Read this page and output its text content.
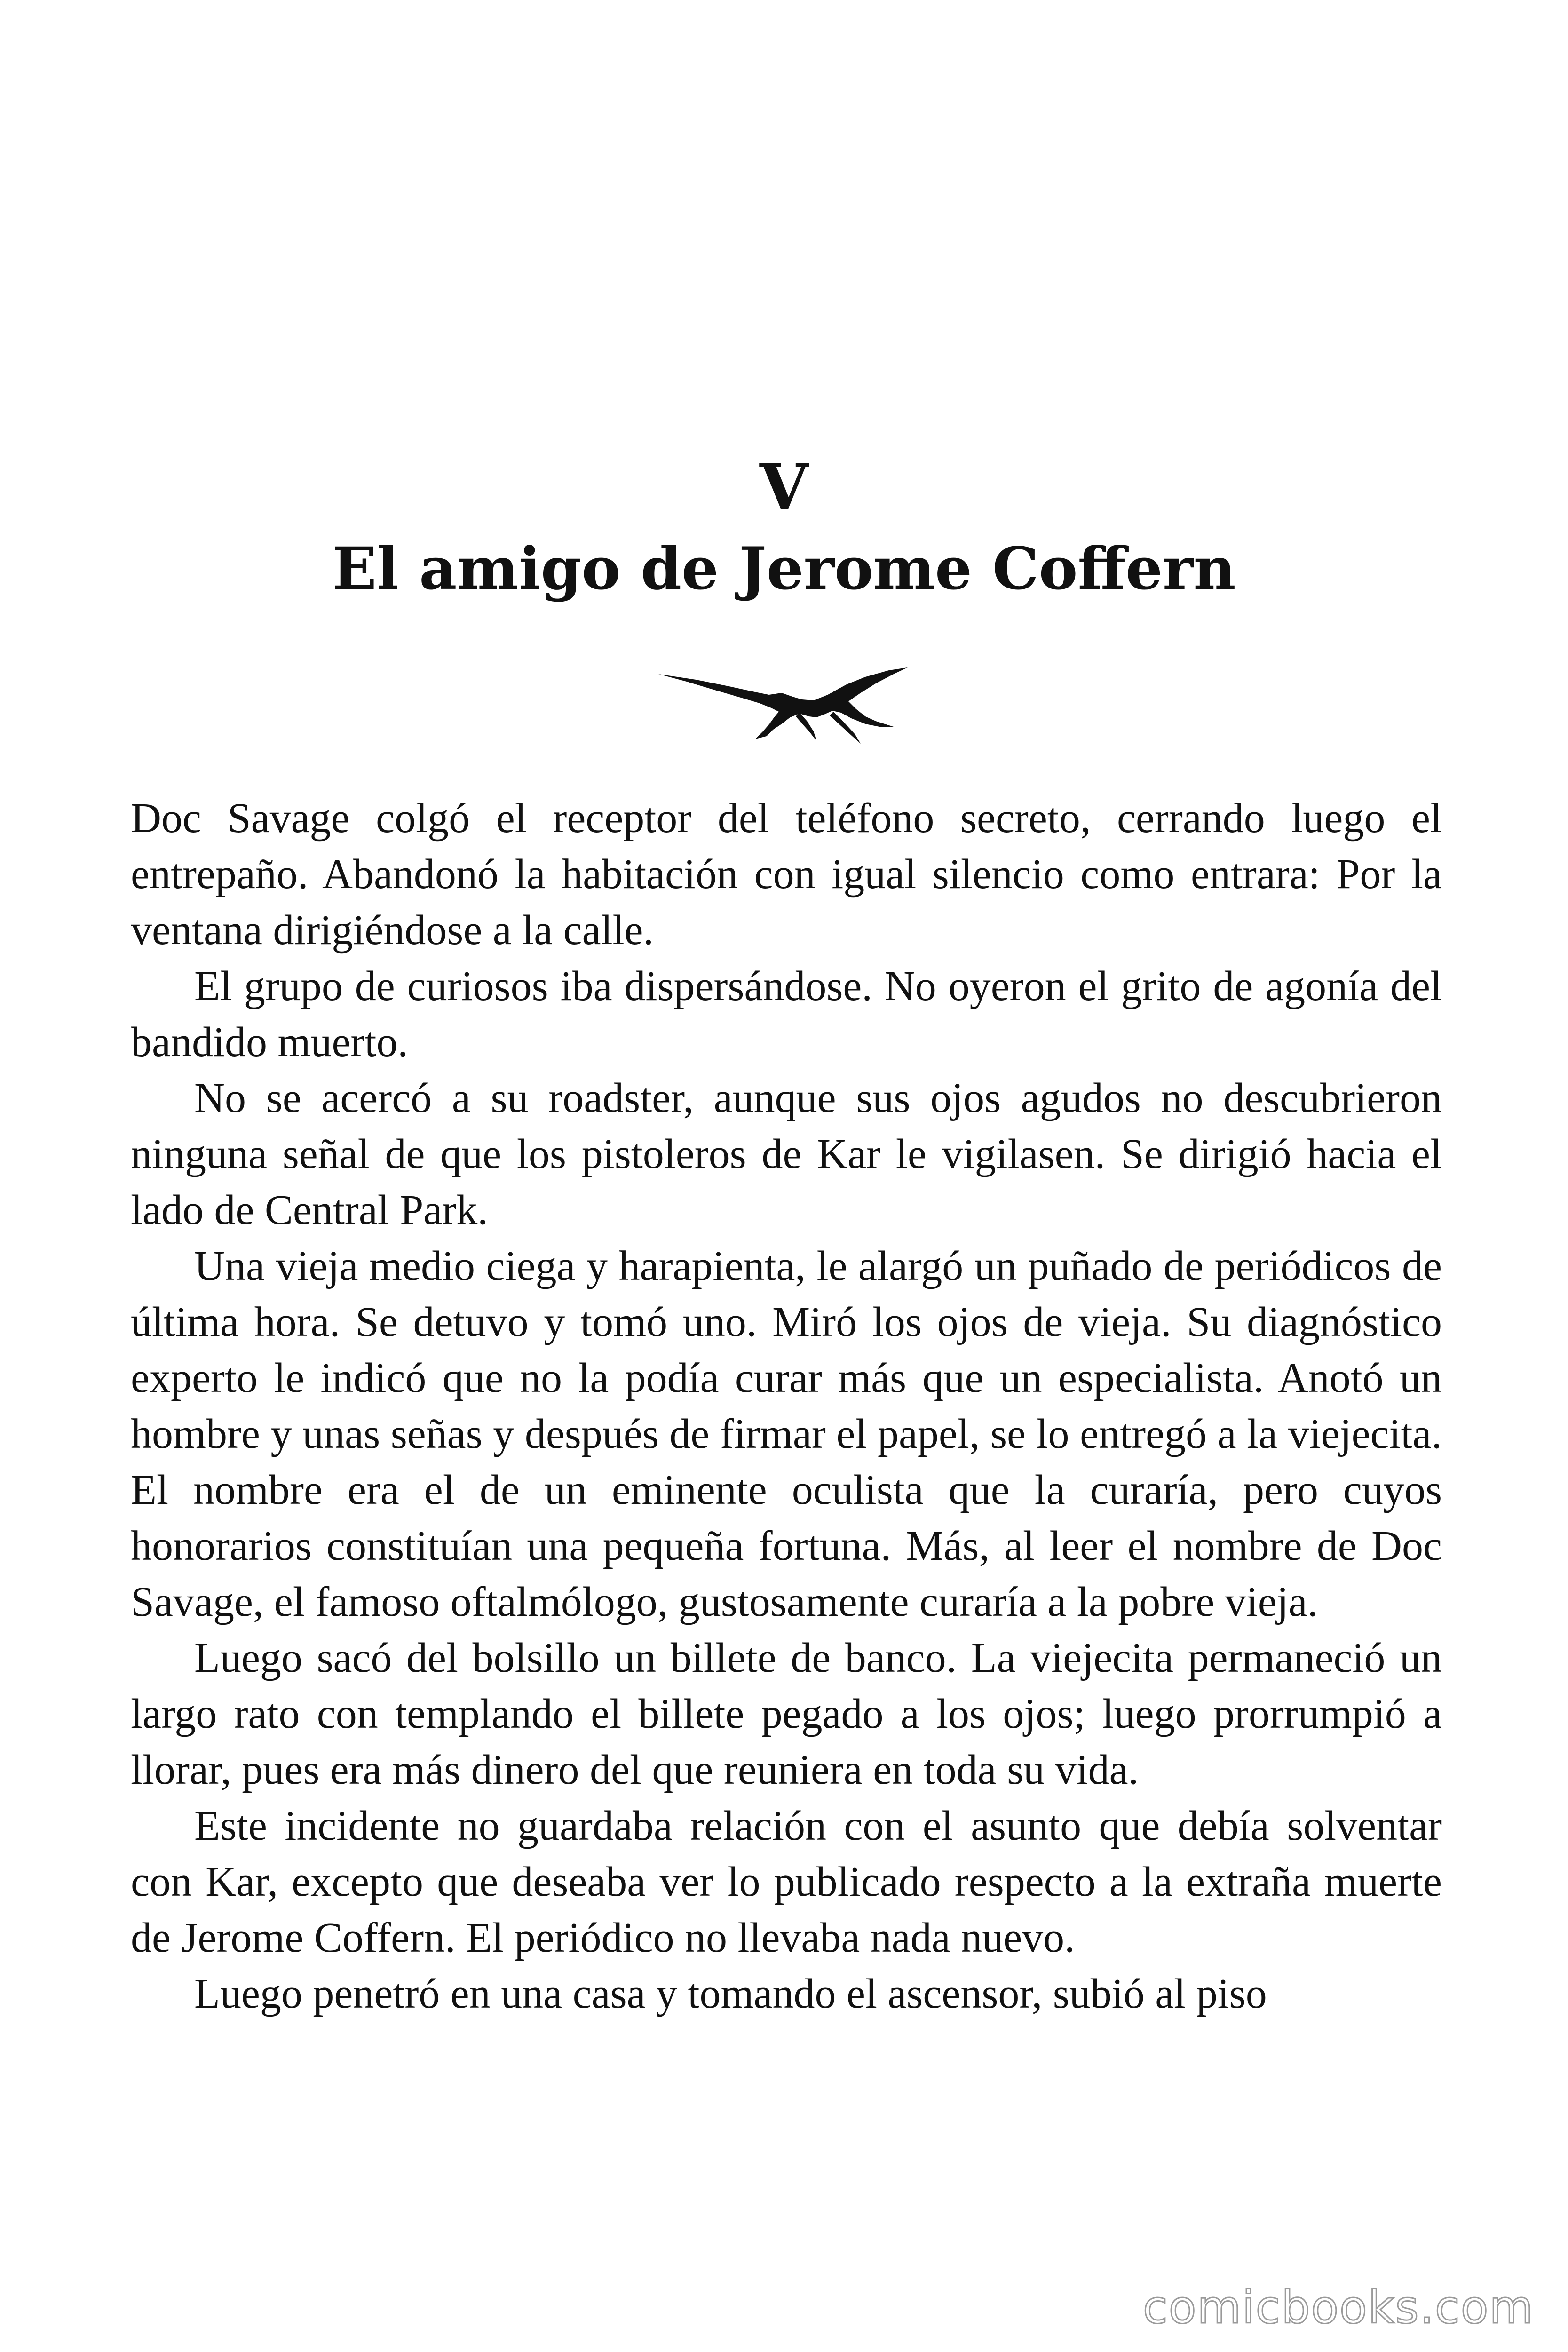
V
El amigo de Jerome Coffern

Doc Savage colgó el receptor del teléfono secreto, cerrando luego el entrepaño. Abandonó la habitación con igual silencio como entrara: Por la ventana dirigiéndose a la calle.

El grupo de curiosos iba dispersándose. No oyeron el grito de agonía del bandido muerto.

No se acercó a su roadster, aunque sus ojos agudos no descubrieron ninguna señal de que los pistoleros de Kar le vigilasen. Se dirigió hacia el lado de Central Park.

Una vieja medio ciega y harapienta, le alargó un puñado de periódicos de última hora. Se detuvo y tomó uno. Miró los ojos de vieja. Su diagnóstico experto le indicó que no la podía curar más que un especialista. Anotó un hombre y unas señas y después de firmar el papel, se lo entregó a la viejecita. El nombre era el de un eminente oculista que la curaría, pero cuyos honorarios constituían una pequeña fortuna. Más, al leer el nombre de Doc Savage, el famoso oftalmólogo, gustosamente curaría a la pobre vieja.

Luego sacó del bolsillo un billete de banco. La viejecita permaneció un largo rato con templando el billete pegado a los ojos; luego prorrumpió a llorar, pues era más dinero del que reuniera en toda su vida.

Este incidente no guardaba relación con el asunto que debía solventar con Kar, excepto que deseaba ver lo publicado respecto a la extraña muerte de Jerome Coffern. El periódico no llevaba nada nuevo.

Luego penetró en una casa y tomando el ascensor, subió al piso

comicbooks.com
